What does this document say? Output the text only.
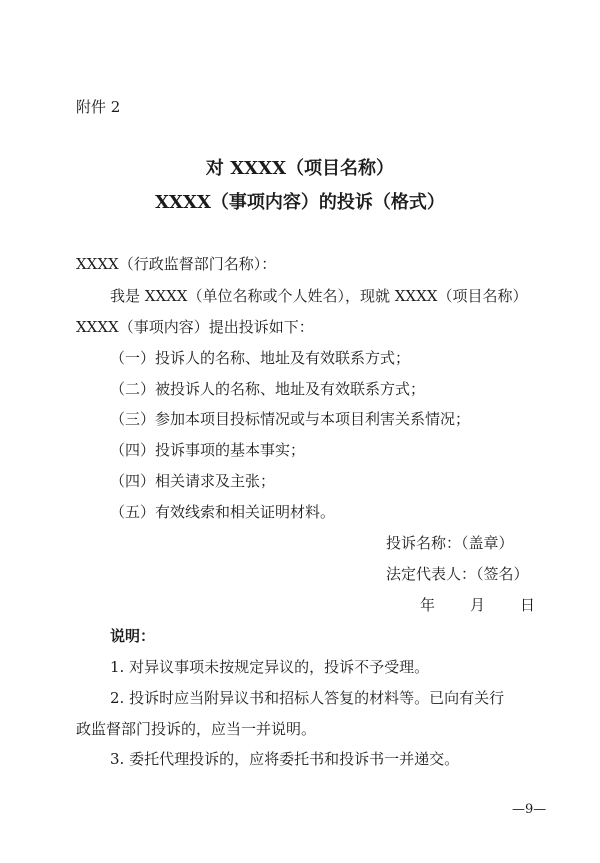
附件 2
对 XXXX（项目名称）
XXXX（事项内容）的投诉（格式）
XXXX（行政监督部门名称）：
我是 XXXX（单位名称或个人姓名），现就 XXXX（项目名称）
XXXX（事项内容）提出投诉如下：
（一）投诉人的名称、地址及有效联系方式；
（二）被投诉人的名称、地址及有效联系方式；
（三）参加本项目投标情况或与本项目利害关系情况；
（四）投诉事项的基本事实；
（四）相关请求及主张；
（五）有效线索和相关证明材料。
投诉名称：（盖章）
法定代表人：（签名）
年　月　日
说明：
1. 对异议事项未按规定异议的，投诉不予受理。
2. 投诉时应当附异议书和招标人答复的材料等。已向有关行
政监督部门投诉的，应当一并说明。
3. 委托代理投诉的，应将委托书和投诉书一并递交。
—9—
